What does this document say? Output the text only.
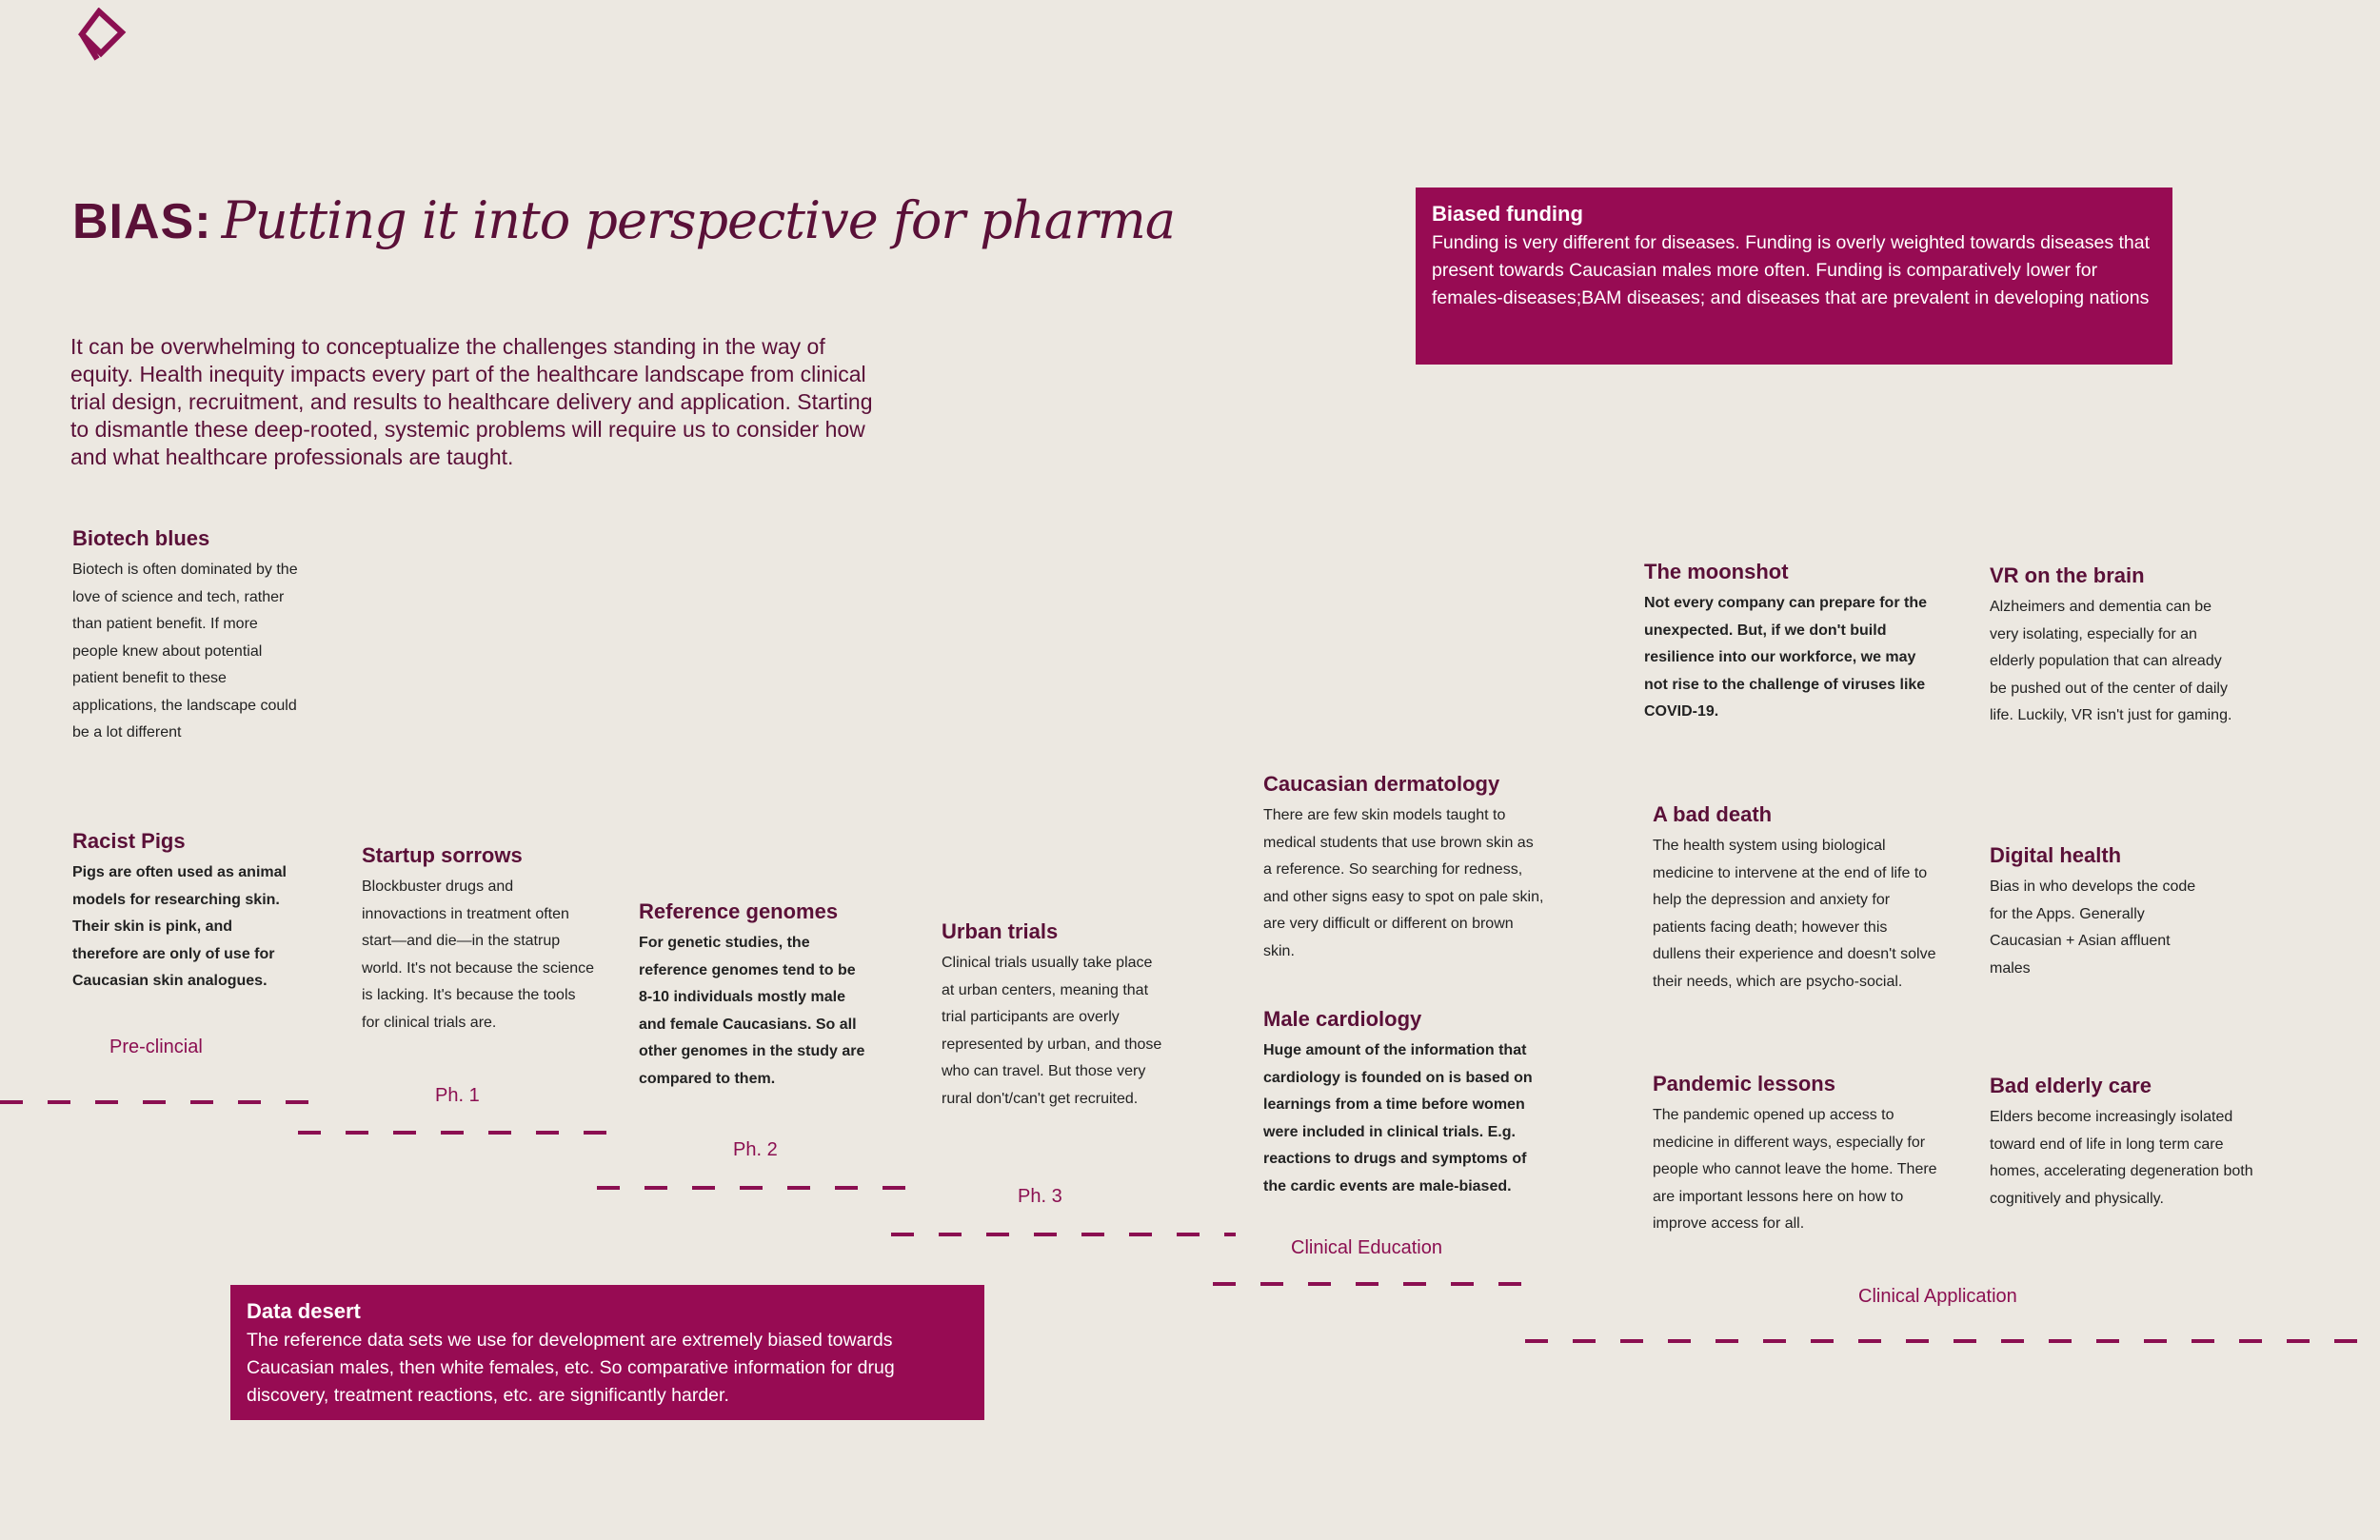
BIAS: Putting it into perspective for pharma
It can be overwhelming to conceptualize the challenges standing in the way of equity. Health inequity impacts every part of the healthcare landscape from clinical trial design, recruitment, and results to healthcare delivery and application. Starting to dismantle these deep-rooted, systemic problems will require us to consider how and what healthcare professionals are taught.
Biased funding

Funding is very different for diseases. Funding is overly weighted towards diseases that present towards Caucasian males more often. Funding is comparatively lower for females-diseases;BAM diseases; and diseases that are prevalent in developing nations

Data desert

The reference data sets we use for development are extremely biased towards Caucasian males, then white females, etc. So comparative information for drug discovery, treatment reactions, etc. are significantly harder.

Biotech blues

Biotech is often dominated by the love of science and tech, rather than patient benefit. If more people knew about potential patient benefit to these applications, the landscape could be a lot different

Racist Pigs

Pigs are often used as animal models for researching skin. Their skin is pink, and therefore are only of use for Caucasian skin analogues.

Startup sorrows

Blockbuster drugs and innovactions in treatment often start—and die—in the statrup world. It's not because the science is lacking. It's because the tools for clinical trials are.

Reference genomes

For genetic studies, the reference genomes tend to be 8-10 individuals mostly male and female Caucasians. So all other genomes in the study are compared to them.

Urban trials

Clinical trials usually take place at urban centers, meaning that trial participants are overly represented by urban, and those who can travel. But those very rural don't/can't get recruited.

Caucasian dermatology

There are few skin models taught to medical students that use brown skin as a reference. So searching for redness, and other signs easy to spot on pale skin, are very difficult or different on brown skin.

Male cardiology

Huge amount of the information that cardiology is founded on is based on learnings from a time before women were included in clinical trials. E.g. reactions to drugs and symptoms of the cardic events are male-biased.

The moonshot

Not every company can prepare for the unexpected. But, if we don't build resilience into our workforce, we may not rise to the challenge of viruses like COVID-19.

VR on the brain

Alzheimers and dementia can be very isolating, especially for an elderly population that can already be pushed out of the center of daily life. Luckily, VR isn't just for gaming.

A bad death

The health system using biological medicine to intervene at the end of life to help the depression and anxiety for patients facing death; however this dullens their experience and doesn't solve their needs, which are psycho-social.

Digital health

Bias in who develops the code for the Apps. Generally Caucasian + Asian affluent males

Pandemic lessons

The pandemic opened up access to medicine in different ways, especially for people who cannot leave the home. There are important lessons here on how to improve access for all.

Bad elderly care

Elders become increasingly isolated toward end of life in long term care homes, accelerating degeneration both cognitively and physically.

Pre-clincial
Ph. 1
Ph. 2
Ph. 3
Clinical Education
Clinical Application
